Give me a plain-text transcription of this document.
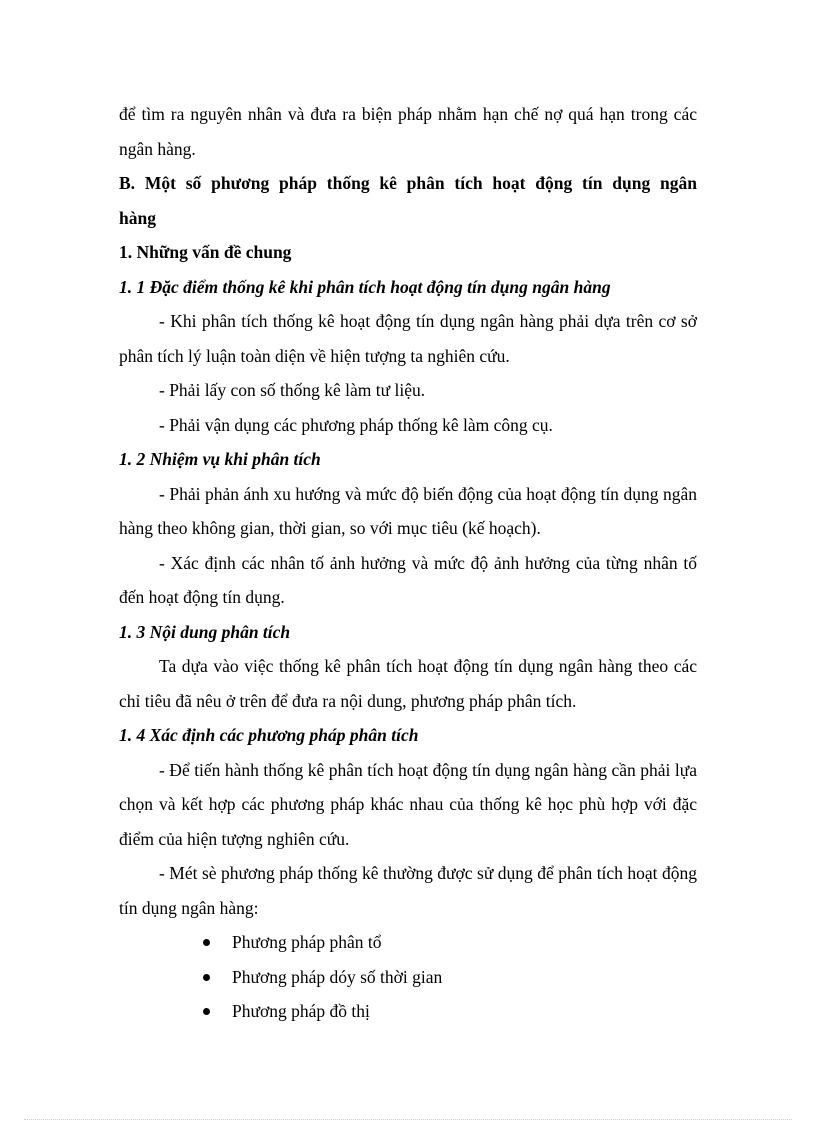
để tìm ra nguyên nhân và đưa ra biện pháp nhằm hạn chế nợ quá hạn trong các ngân hàng.

B. Một số phương pháp thống kê phân tích hoạt động tín dụng ngân hàng

1. Những vấn đề chung

1. 1 Đặc điểm thống kê khi phân tích hoạt động tín dụng ngân hàng

- Khi phân tích thống kê hoạt động tín dụng ngân hàng phải dựa trên cơ sở phân tích lý luận toàn diện về hiện tượng ta nghiên cứu.

- Phải lấy con số thống kê làm tư liệu.

- Phải vận dụng các phương pháp thống kê làm công cụ.

1. 2 Nhiệm vụ khi phân tích

- Phải phản ánh xu hướng và mức độ biến động của hoạt động tín dụng ngân hàng theo không gian, thời gian, so với mục tiêu (kế hoạch).

- Xác định các nhân tố ảnh hưởng và mức độ ảnh hưởng của từng nhân tố đến hoạt động tín dụng.

1. 3 Nội dung phân tích

Ta dựa vào việc thống kê phân tích hoạt động tín dụng ngân hàng theo các chỉ tiêu đã nêu ở trên để đưa ra nội dung, phương pháp phân tích.

1. 4 Xác định các phương pháp phân tích

- Để tiến hành thống kê phân tích hoạt động tín dụng ngân hàng cần phải lựa chọn và kết hợp các phương pháp khác nhau của thống kê học phù hợp với đặc điểm của hiện tượng nghiên cứu.

- Mét sè phương pháp thống kê thường được sử dụng để phân tích hoạt động tín dụng ngân hàng:

Phương pháp phân tổ
Phương pháp dóy số thời gian
Phương pháp đồ thị
